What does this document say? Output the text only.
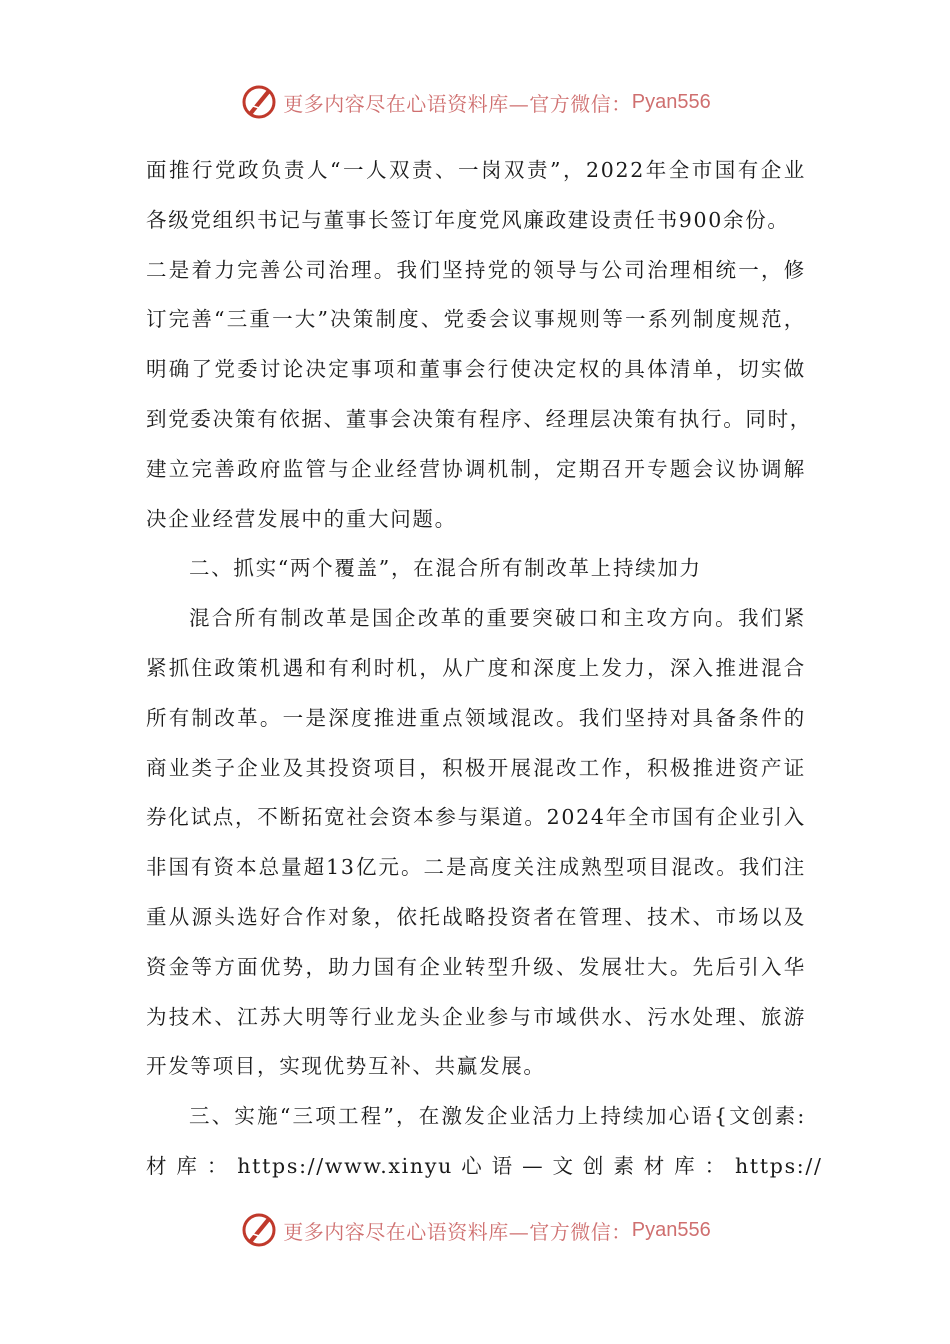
更多内容尽在心语资料库—官方微信： Pyan556
面推行党政负责人“一人双责、一岗双责”，2022年全市国有企业
各级党组织书记与董事长签订年度党风廉政建设责任书900余份。
二是着力完善公司治理。我们坚持党的领导与公司治理相统一，修
订完善“三重一大”决策制度、党委会议事规则等一系列制度规范，
明确了党委讨论决定事项和董事会行使决定权的具体清单，切实做
到党委决策有依据、董事会决策有程序、经理层决策有执行。同时，
建立完善政府监管与企业经营协调机制，定期召开专题会议协调解
决企业经营发展中的重大问题。
二、抓实“两个覆盖”，在混合所有制改革上持续加力
混合所有制改革是国企改革的重要突破口和主攻方向。我们紧
紧抓住政策机遇和有利时机，从广度和深度上发力，深入推进混合
所有制改革。一是深度推进重点领域混改。我们坚持对具备条件的
商业类子企业及其投资项目，积极开展混改工作，积极推进资产证
券化试点，不断拓宽社会资本参与渠道。2024年全市国有企业引入
非国有资本总量超13亿元。二是高度关注成熟型项目混改。我们注
重从源头选好合作对象，依托战略投资者在管理、技术、市场以及
资金等方面优势，助力国有企业转型升级、发展壮大。先后引入华
为技术、江苏大明等行业龙头企业参与市域供水、污水处理、旅游
开发等项目，实现优势互补、共赢发展。
三、实施“三项工程”，在激发企业活力上持续加心语{文创素:
材 库 ： https://www.xinyu 心 语 — 文 创 素 材 库 ： https://
更多内容尽在心语资料库—官方微信： Pyan556
